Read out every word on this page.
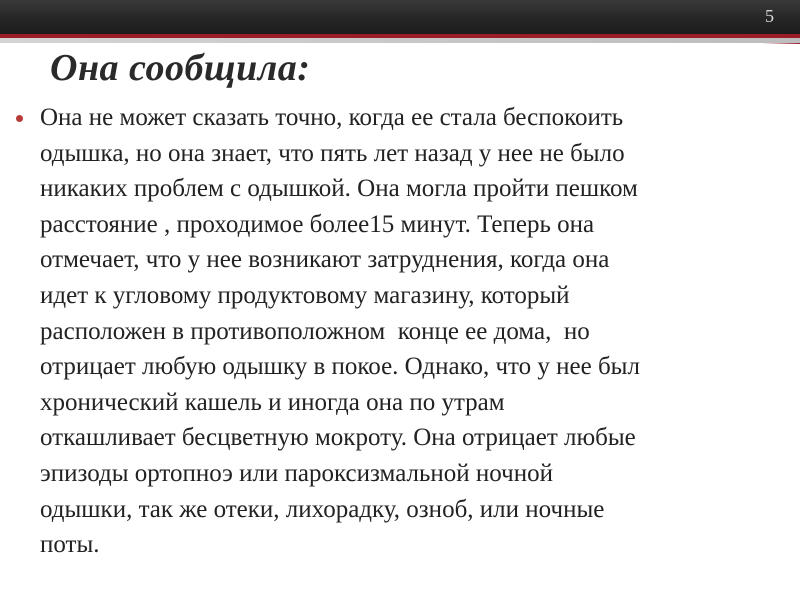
5
Она сообщила:

Она не может сказать точно, когда ее стала беспокоить
одышка, но она знает, что пять лет назад у нее не было
никаких проблем с одышкой. Она могла пройти пешком
расстояние , проходимое более15 минут. Теперь она
отмечает, что у нее возникают затруднения, когда она
идет к угловому продуктовому магазину, который
расположен в противоположном  конце ее дома,  но
отрицает любую одышку в покое. Однако, что у нее был
хронический кашель и иногда она по утрам
откашливает бесцветную мокроту. Она отрицает любые
эпизоды ортопноэ или пароксизмальной ночной
одышки, так же отеки, лихорадку, озноб, или ночные
поты.
